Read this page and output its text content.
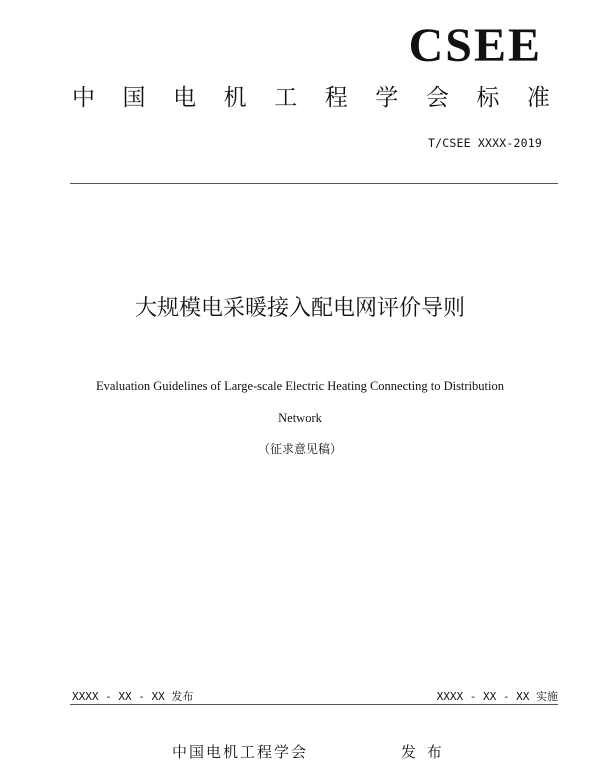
CSEE
中 国 电 机 工 程 学 会 标 准
T/CSEE XXXX-2019
大规模电采暖接入配电网评价导则
Evaluation Guidelines of Large-scale Electric Heating Connecting to Distribution
Network
（征求意见稿）
XXXX - XX - XX 发布	XXXX - XX - XX 实施
中国电机工程学会	发 布
